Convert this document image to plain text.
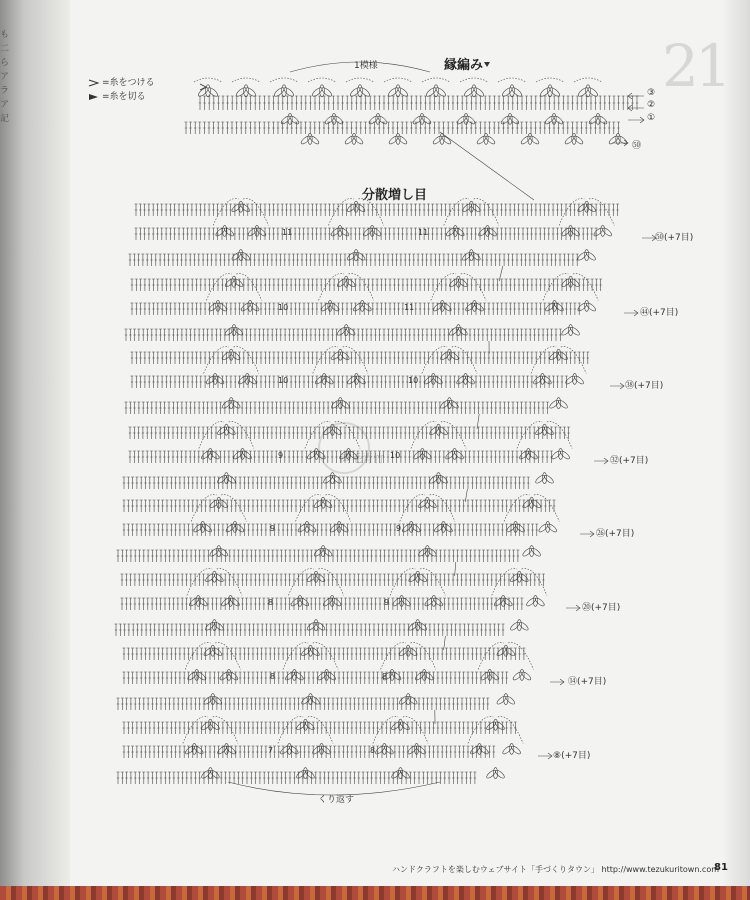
も
二
ら
ア
ラ
ア
記
21
=糸をつける
=糸を切る
縁編み
1模様
③
②
①
㊿
分散増し目
㊿(+7目)
11	11
㊹(+7目)
10	11
㊳(+7目)
10	10
㉜(+7目)
9	10
㉖(+7目)
9	9
⑳(+7目)
8	9
⑭(+7目)
8	8
⑧(+7目)
7	8
くり返す
鸿毛青竹
ハンドクラフトを楽しむウェブサイト「手づくりタウン」 http://www.tezukuritown.com
81
